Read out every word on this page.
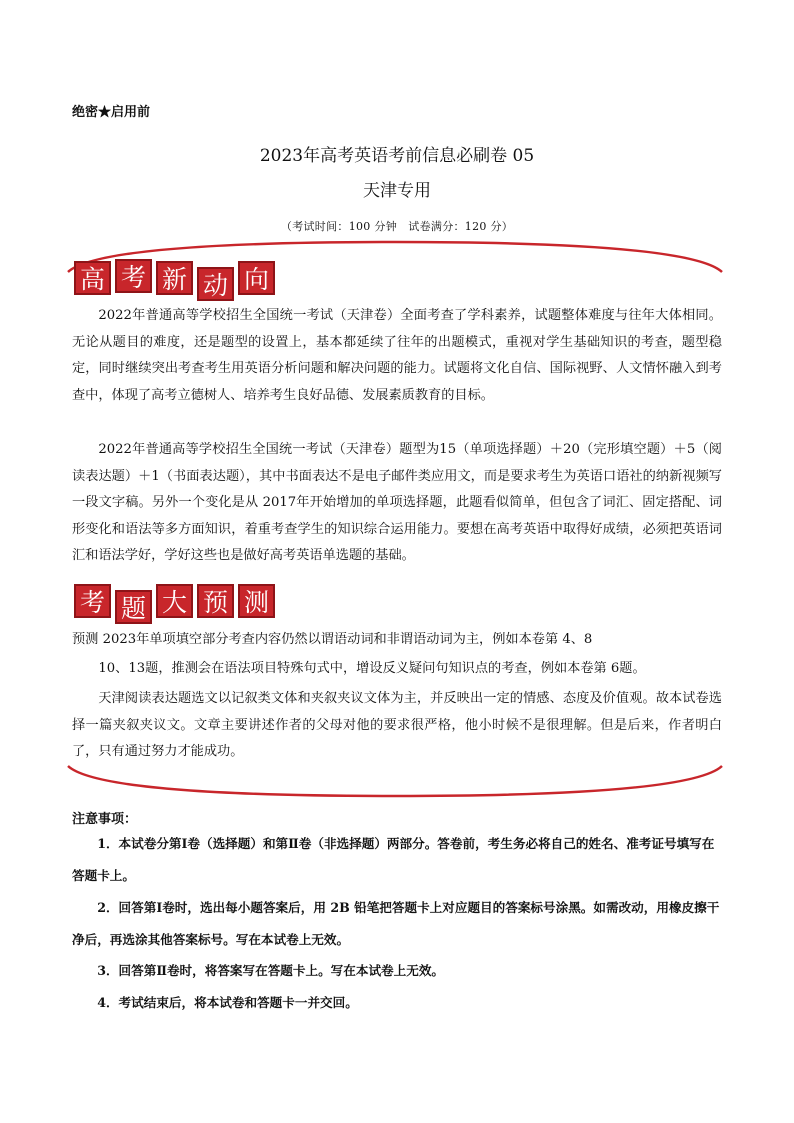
绝密★启用前
2023年高考英语考前信息必刷卷 05
天津专用
（考试时间：100 分钟　试卷满分：120 分）
高 考 新 动 向
2022年普通高等学校招生全国统一考试（天津卷）全面考查了学科素养，试题整体难度与往年大体相同。无论从题目的难度，还是题型的设置上，基本都延续了往年的出题模式，重视对学生基础知识的考查，题型稳定，同时继续突出考查考生用英语分析问题和解决问题的能力。试题将文化自信、国际视野、人文情怀融入到考查中，体现了高考立德树人、培养考生良好品德、发展素质教育的目标。
2022年普通高等学校招生全国统一考试（天津卷）题型为15（单项选择题）＋20（完形填空题）＋5（阅读表达题）＋1（书面表达题），其中书面表达不是电子邮件类应用文，而是要求考生为英语口语社的纳新视频写一段文字稿。另外一个变化是从 2017年开始增加的单项选择题，此题看似简单，但包含了词汇、固定搭配、词形变化和语法等多方面知识，着重考查学生的知识综合运用能力。要想在高考英语中取得好成绩，必须把英语词汇和语法学好，学好这些也是做好高考英语单选题的基础。
考 题 大 预 测
预测 2023年单项填空部分考查内容仍然以谓语动词和非谓语动词为主，例如本卷第 4、8
10、13题，推测会在语法项目特殊句式中，增设反义疑问句知识点的考查，例如本卷第 6题。
天津阅读表达题选文以记叙类文体和夹叙夹议文体为主，并反映出一定的情感、态度及价值观。故本试卷选择一篇夹叙夹议文。文章主要讲述作者的父母对他的要求很严格，他小时候不是很理解。但是后来，作者明白了，只有通过努力才能成功。
注意事项：
1．本试卷分第Ⅰ卷（选择题）和第Ⅱ卷（非选择题）两部分。答卷前，考生务必将自己的姓名、准考证号填写在答题卡上。
2．回答第Ⅰ卷时，选出每小题答案后，用 2B 铅笔把答题卡上对应题目的答案标号涂黑。如需改动，用橡皮擦干净后，再选涂其他答案标号。写在本试卷上无效。
3．回答第Ⅱ卷时，将答案写在答题卡上。写在本试卷上无效。
4．考试结束后，将本试卷和答题卡一并交回。
